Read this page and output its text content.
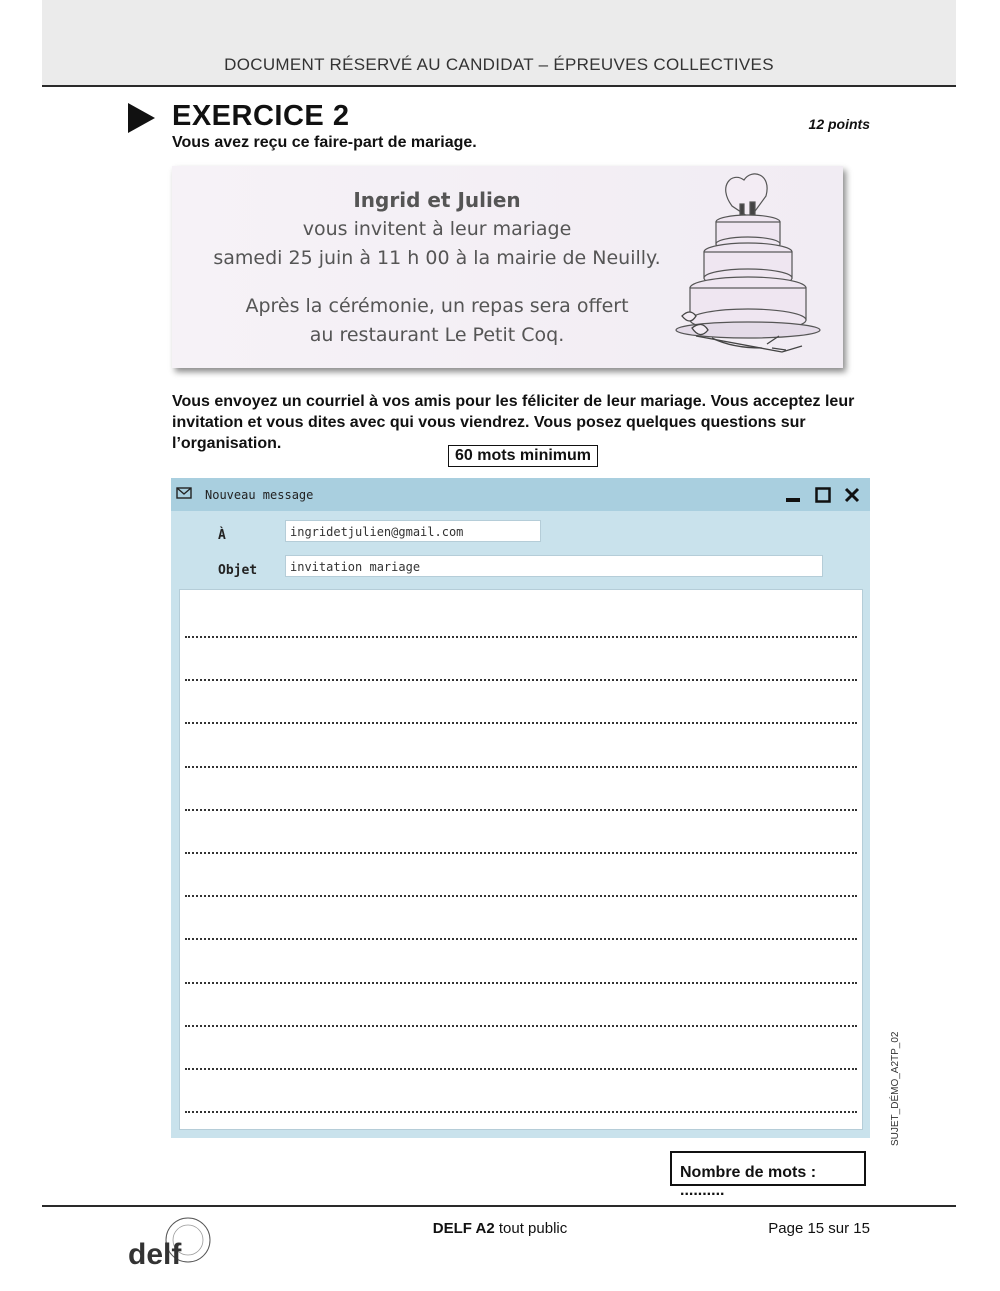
DOCUMENT RÉSERVÉ AU CANDIDAT – ÉPREUVES COLLECTIVES
EXERCICE 2	12 points
Vous avez reçu ce faire-part de mariage.
Ingrid et Julien
vous invitent à leur mariage
samedi 25 juin à 11 h 00 à la mairie de Neuilly.
Après la cérémonie, un repas sera offert
au restaurant Le Petit Coq.
Vous envoyez un courriel à vos amis pour les féliciter de leur mariage. Vous acceptez leur invitation et vous dites avec qui vous viendrez. Vous posez quelques questions sur l’organisation.
60 mots minimum
Nouveau message
À	ingridetjulien@gmail.com
Objet	invitation mariage
Nombre de mots : ..........
SUJET_DÉMO_A2TP_02
delf
DELF A2 tout public	Page 15 sur 15
